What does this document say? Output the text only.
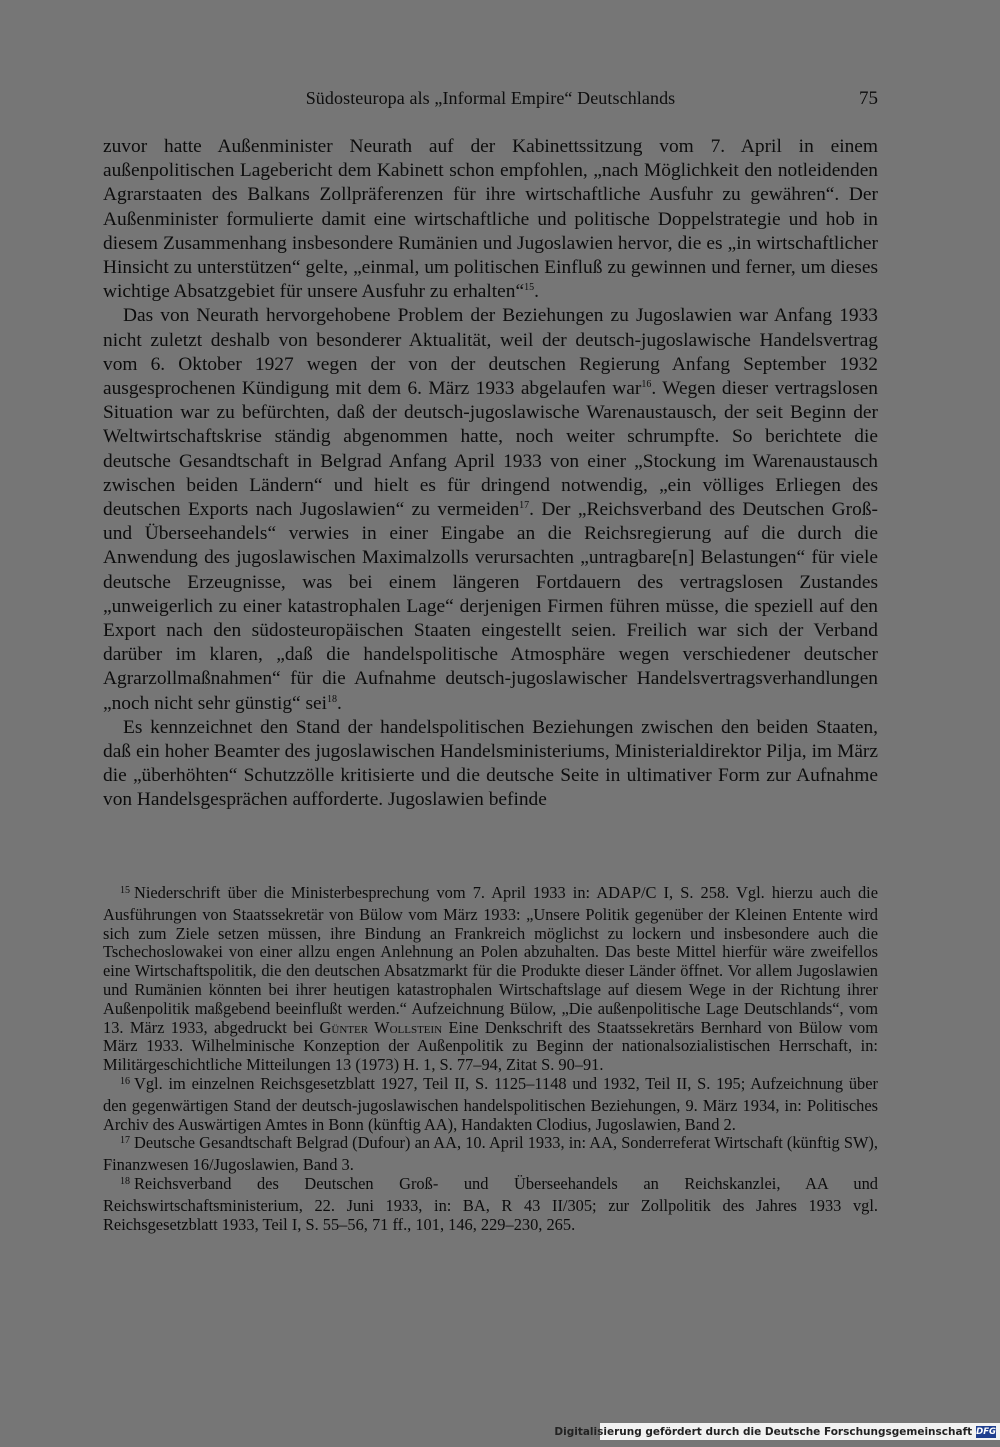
Südosteuropa als „Informal Empire“ Deutschlands	75

zuvor hatte Außenminister Neurath auf der Kabinettssitzung vom 7. April in einem außenpolitischen Lagebericht dem Kabinett schon empfohlen, „nach Möglichkeit den notleidenden Agrarstaaten des Balkans Zollpräferenzen für ihre wirtschaftliche Ausfuhr zu gewähren“. Der Außenminister formulierte damit eine wirtschaftliche und politische Doppelstrategie und hob in diesem Zusammenhang insbesondere Rumänien und Jugoslawien hervor, die es „in wirtschaftlicher Hinsicht zu unterstützen“ gelte, „einmal, um politischen Einfluß zu gewinnen und ferner, um dieses wichtige Absatzgebiet für unsere Ausfuhr zu erhalten“$^{15}$.

Das von Neurath hervorgehobene Problem der Beziehungen zu Jugoslawien war Anfang 1933 nicht zuletzt deshalb von besonderer Aktualität, weil der deutsch-jugoslawische Handelsvertrag vom 6. Oktober 1927 wegen der von der deutschen Regierung Anfang September 1932 ausgesprochenen Kündigung mit dem 6. März 1933 abgelaufen war$^{16}$. Wegen dieser vertragslosen Situation war zu befürchten, daß der deutsch-jugoslawische Warenaustausch, der seit Beginn der Weltwirtschaftskrise ständig abgenommen hatte, noch weiter schrumpfte. So berichtete die deutsche Gesandtschaft in Belgrad Anfang April 1933 von einer „Stockung im Warenaustausch zwischen beiden Ländern“ und hielt es für dringend notwendig, „ein völliges Erliegen des deutschen Exports nach Jugoslawien“ zu vermeiden$^{17}$. Der „Reichsverband des Deutschen Groß- und Überseehandels“ verwies in einer Eingabe an die Reichsregierung auf die durch die Anwendung des jugoslawischen Maximalzolls verursachten „untragbare[n] Belastungen“ für viele deutsche Erzeugnisse, was bei einem längeren Fortdauern des vertragslosen Zustandes „unweigerlich zu einer katastrophalen Lage“ derjenigen Firmen führen müsse, die speziell auf den Export nach den südosteuropäischen Staaten eingestellt seien. Freilich war sich der Verband darüber im klaren, „daß die handelspolitische Atmosphäre wegen verschiedener deutscher Agrarzollmaßnahmen“ für die Aufnahme deutsch-jugoslawischer Handelsvertragsverhandlungen „noch nicht sehr günstig“ sei$^{18}$.

Es kennzeichnet den Stand der handelspolitischen Beziehungen zwischen den beiden Staaten, daß ein hoher Beamter des jugoslawischen Handelsministeriums, Ministerialdirektor Pilja, im März die „überhöhten“ Schutzzölle kritisierte und die deutsche Seite in ultimativer Form zur Aufnahme von Handelsgesprächen aufforderte. Jugoslawien befinde

$^{15}$ Niederschrift über die Ministerbesprechung vom 7. April 1933 in: ADAP/C I, S. 258. Vgl. hierzu auch die Ausführungen von Staatssekretär von Bülow vom März 1933: „Unsere Politik gegenüber der Kleinen Entente wird sich zum Ziele setzen müssen, ihre Bindung an Frankreich möglichst zu lockern und insbesondere auch die Tschechoslowakei von einer allzu engen Anlehnung an Polen abzuhalten. Das beste Mittel hierfür wäre zweifellos eine Wirtschaftspolitik, die den deutschen Absatzmarkt für die Produkte dieser Länder öffnet. Vor allem Jugoslawien und Rumänien könnten bei ihrer heutigen katastrophalen Wirtschaftslage auf diesem Wege in der Richtung ihrer Außenpolitik maßgebend beeinflußt werden.“ Aufzeichnung Bülow, „Die außenpolitische Lage Deutschlands“, vom 13. März 1933, abgedruckt bei Günter Wollstein Eine Denkschrift des Staatssekretärs Bernhard von Bülow vom März 1933. Wilhelminische Konzeption der Außenpolitik zu Beginn der nationalsozialistischen Herrschaft, in: Militärgeschichtliche Mitteilungen 13 (1973) H. 1, S. 77–94, Zitat S. 90–91.

$^{16}$ Vgl. im einzelnen Reichsgesetzblatt 1927, Teil II, S. 1125–1148 und 1932, Teil II, S. 195; Aufzeichnung über den gegenwärtigen Stand der deutsch-jugoslawischen handelspolitischen Beziehungen, 9. März 1934, in: Politisches Archiv des Auswärtigen Amtes in Bonn (künftig AA), Handakten Clodius, Jugoslawien, Band 2.

$^{17}$ Deutsche Gesandtschaft Belgrad (Dufour) an AA, 10. April 1933, in: AA, Sonderreferat Wirtschaft (künftig SW), Finanzwesen 16/Jugoslawien, Band 3.

$^{18}$ Reichsverband des Deutschen Groß- und Überseehandels an Reichskanzlei, AA und Reichswirtschaftsministerium, 22. Juni 1933, in: BA, R 43 II/305; zur Zollpolitik des Jahres 1933 vgl. Reichsgesetzblatt 1933, Teil I, S. 55–56, 71 ff., 101, 146, 229–230, 265.

Digitalisierung gefördert durch die Deutsche Forschungsgemeinschaft DFG
